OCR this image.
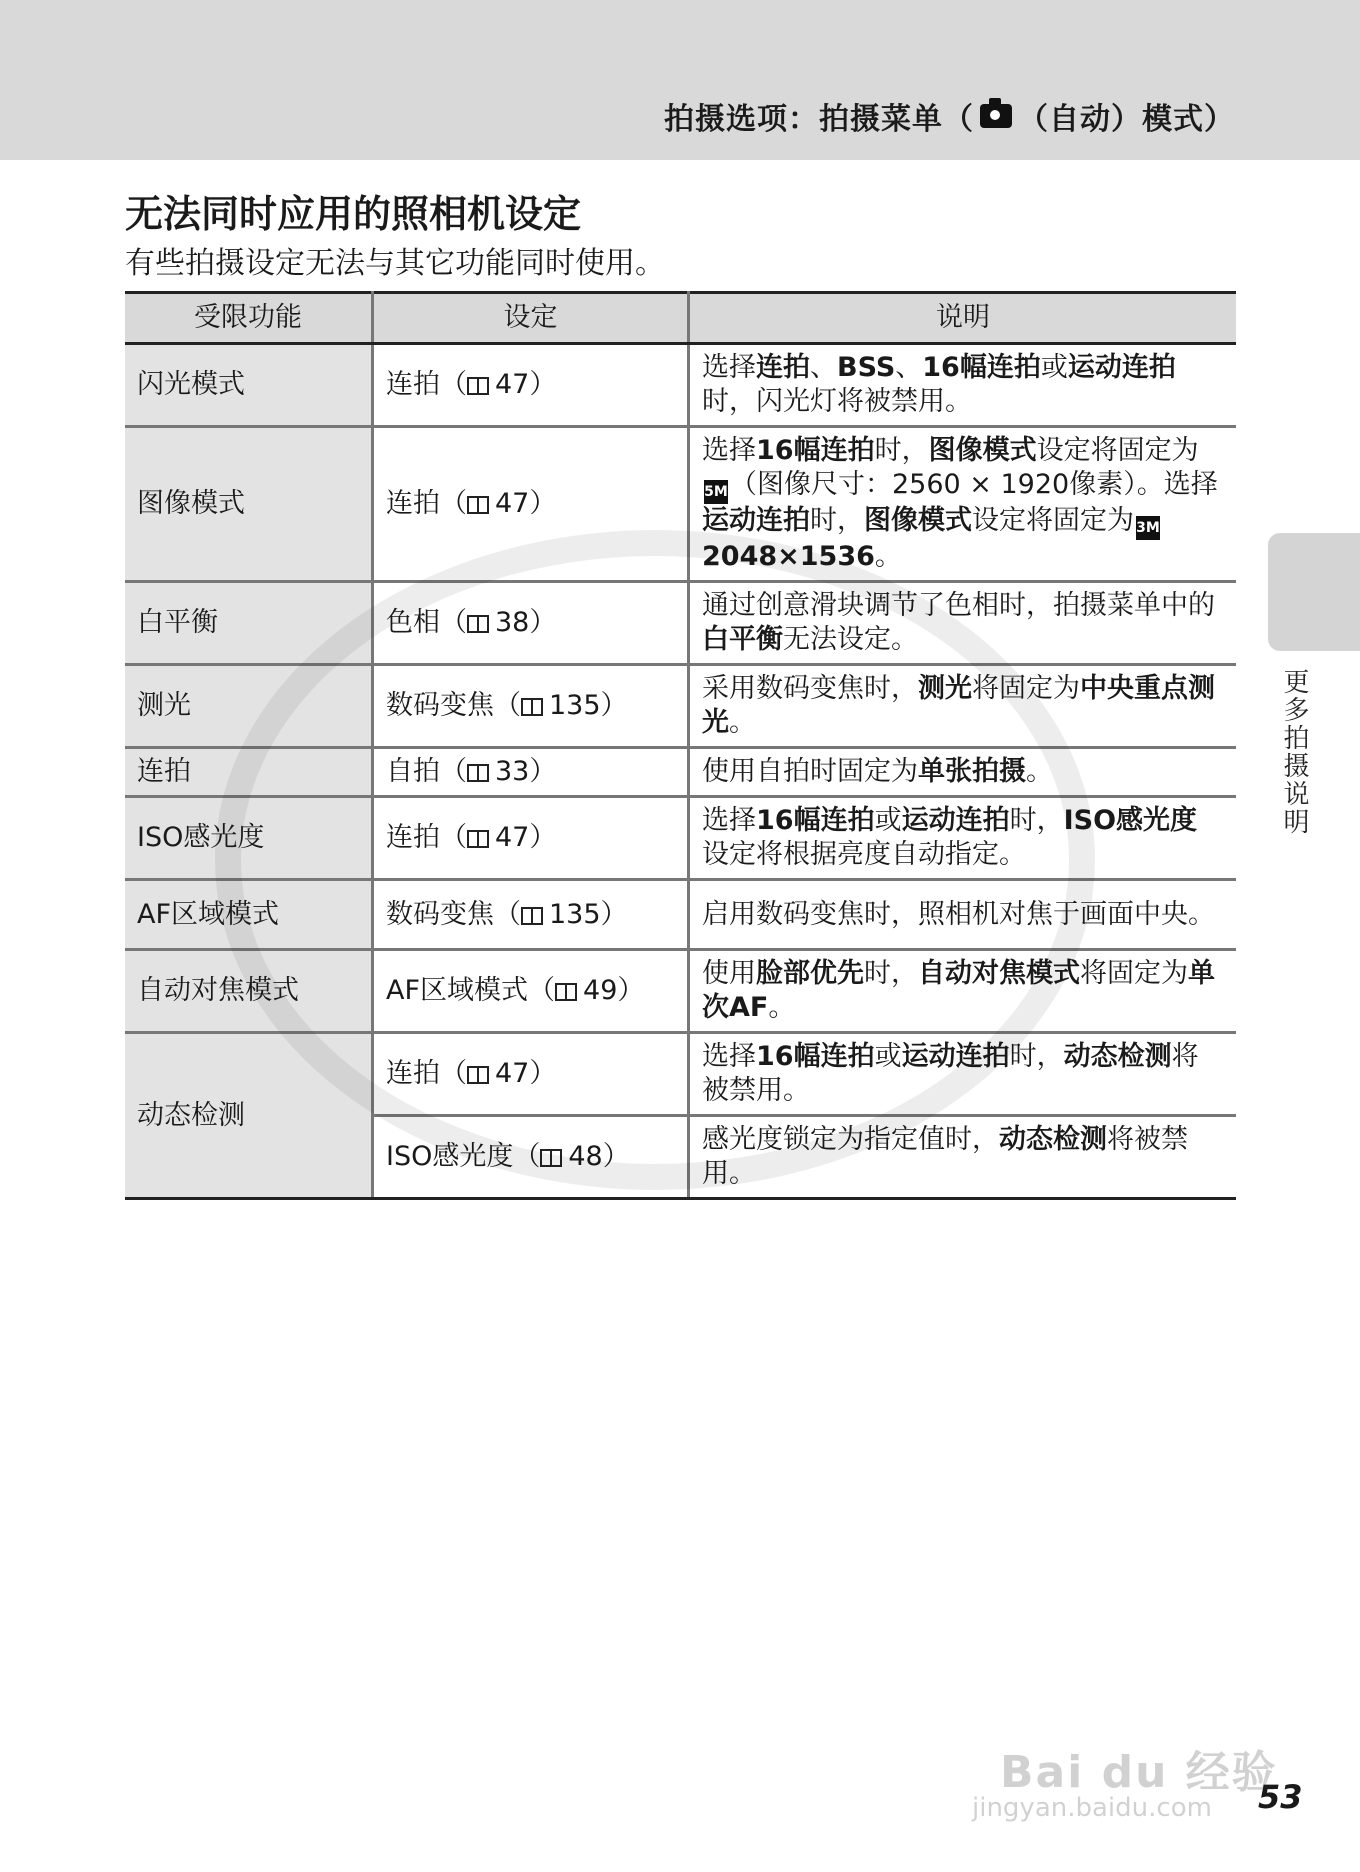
拍摄选项：拍摄菜单（ （自动）模式）
无法同时应用的照相机设定

有些拍摄设定无法与其它功能同时使用。

受限功能	设定	说明
闪光模式	连拍（ 47）	选择连拍、BSS、16幅连拍或运动连拍时，闪光灯将被禁用。
图像模式	连拍（ 47）	选择16幅连拍时，图像模式设定将固定为5M（图像尺寸：2560 × 1920像素）。选择运动连拍时，图像模式设定将固定为 3M 2048×1536。
白平衡	色相（ 38）	通过创意滑块调节了色相时，拍摄菜单中的白平衡无法设定。
测光	数码变焦（ 135）	采用数码变焦时，测光将固定为中央重点测光。
连拍	自拍（ 33）	使用自拍时固定为单张拍摄。
ISO感光度	连拍（ 47）	选择16幅连拍或运动连拍时，ISO感光度设定将根据亮度自动指定。
AF区域模式	数码变焦（ 135）	启用数码变焦时，照相机对焦于画面中央。
自动对焦模式	AF区域模式（ 49）	使用脸部优先时，自动对焦模式将固定为单次AF。
动态检测	连拍（ 47）	选择16幅连拍或运动连拍时，动态检测将被禁用。
	ISO感光度（ 48）	感光度锁定为指定值时，动态检测将被禁用。
更多拍摄说明
Bai du 经验
jingyan.baidu.com 53
